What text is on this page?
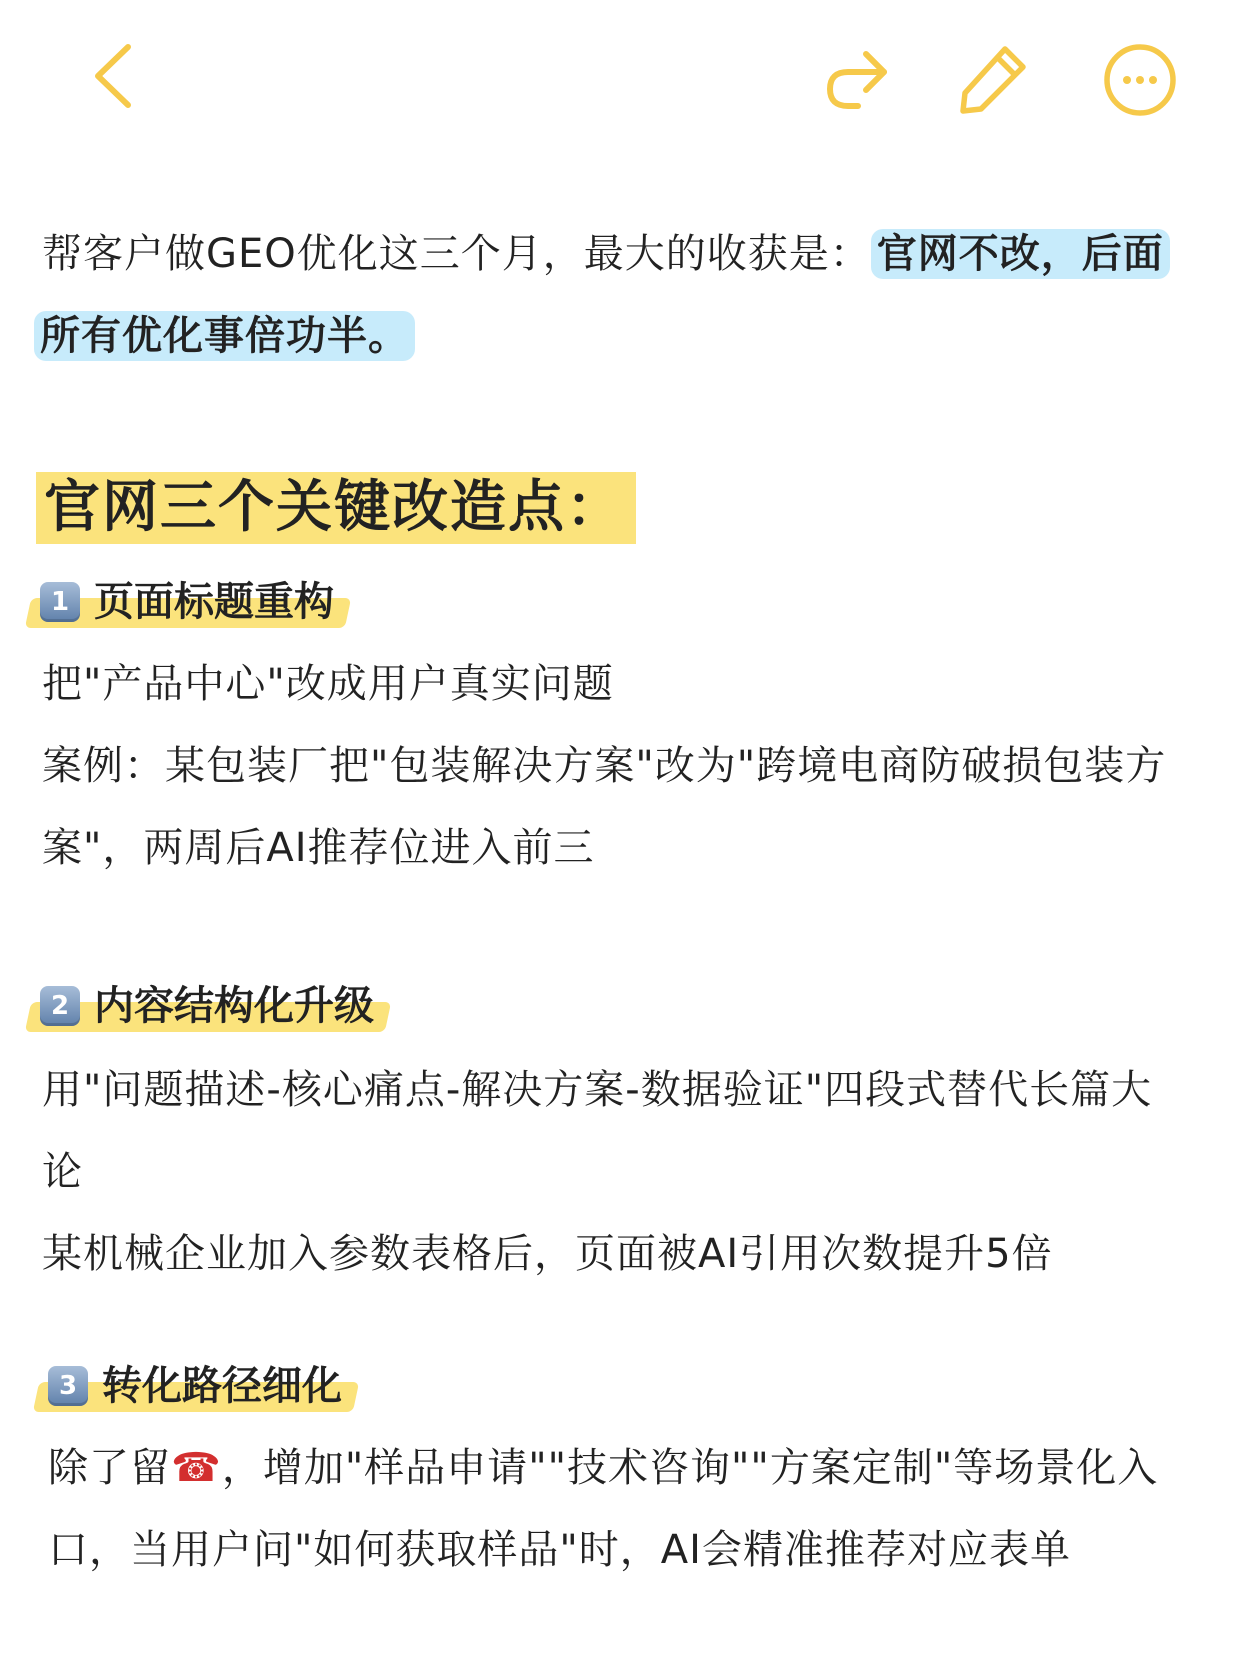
帮客户做GEO优化这三个月，最大的收获是： 官网不改，后面
所有优化事倍功半。
官网三个关键改造点：
1 页面标题重构
把"产品中心"改成用户真实问题
案例：某包装厂把"包装解决方案"改为"跨境电商防破损包装方
案"，两周后AI推荐位进入前三
2 内容结构化升级
用"问题描述-核心痛点-解决方案-数据验证"四段式替代长篇大
论
某机械企业加入参数表格后，页面被AI引用次数提升5倍
3 转化路径细化
除了留☎，增加"样品申请""技术咨询""方案定制"等场景化入
口，当用户问"如何获取样品"时，AI会精准推荐对应表单
